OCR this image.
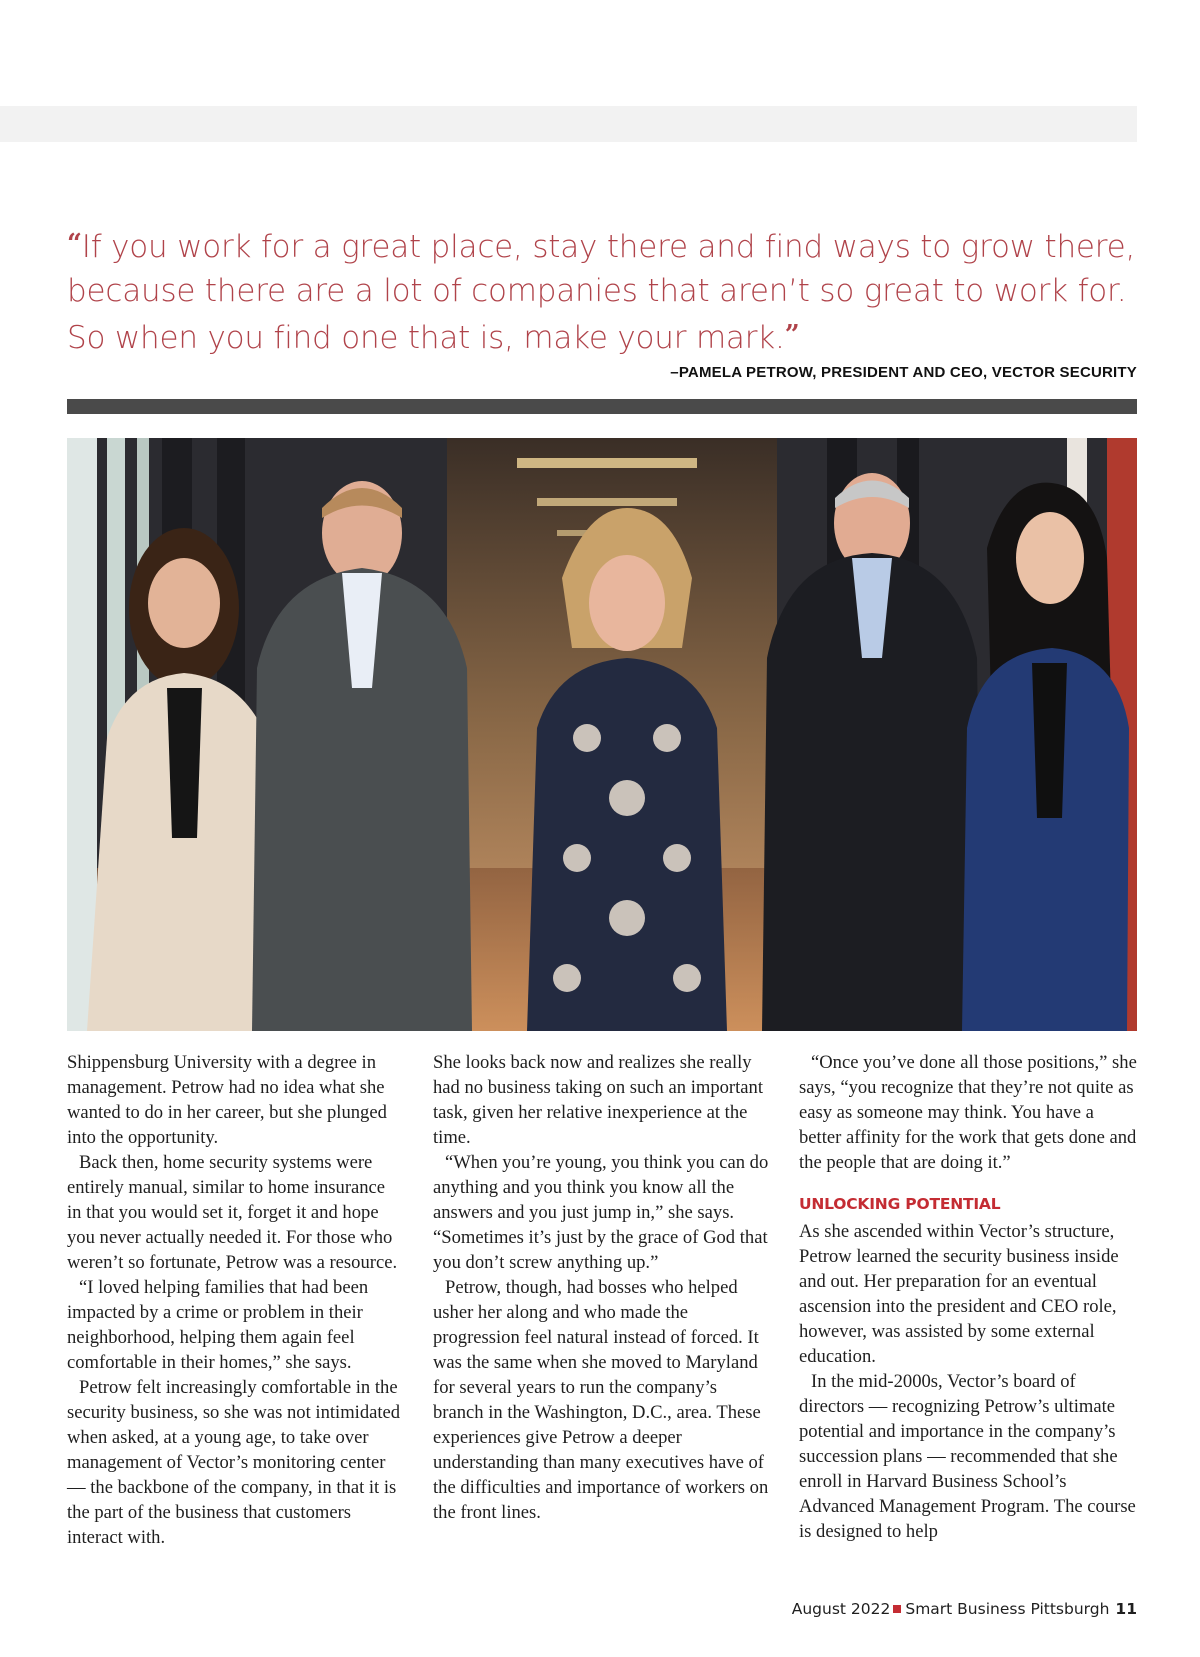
“If you work for a great place, stay there and find ways to grow there, because there are a lot of companies that aren’t so great to work for. So when you find one that is, make your mark.”

–PAMELA PETROW, PRESIDENT AND CEO, VECTOR SECURITY

Shippensburg University with a degree in management. Petrow had no idea what she wanted to do in her career, but she plunged into the opportunity.

Back then, home security systems were entirely manual, similar to home insurance in that you would set it, forget it and hope you never actually needed it. For those who weren’t so fortunate, Petrow was a resource.

“I loved helping families that had been impacted by a crime or problem in their neighborhood, helping them again feel comfortable in their homes,” she says.

Petrow felt increasingly comfortable in the security business, so she was not intimidated when asked, at a young age, to take over management of Vector’s monitoring center — the backbone of the company, in that it is the part of the business that customers interact with.

She looks back now and realizes she really had no business taking on such an important task, given her relative inexperience at the time.

“When you’re young, you think you can do anything and you think you know all the answers and you just jump in,” she says. “Sometimes it’s just by the grace of God that you don’t screw anything up.”

Petrow, though, had bosses who helped usher her along and who made the progression feel natural instead of forced. It was the same when she moved to Maryland for several years to run the company’s branch in the Washington, D.C., area. These experiences give Petrow a deeper understanding than many executives have of the difficulties and importance of workers on the front lines.

“Once you’ve done all those positions,” she says, “you recognize that they’re not quite as easy as someone may think. You have a better affinity for the work that gets done and the people that are doing it.”

UNLOCKING POTENTIAL

As she ascended within Vector’s structure, Petrow learned the security business inside and out. Her preparation for an eventual ascension into the president and CEO role, however, was assisted by some external education.

In the mid-2000s, Vector’s board of directors — recognizing Petrow’s ultimate potential and importance in the company’s succession plans — recommended that she enroll in Harvard Business School’s Advanced Management Program. The course is designed to help

August 2022 Smart Business Pittsburgh 11
